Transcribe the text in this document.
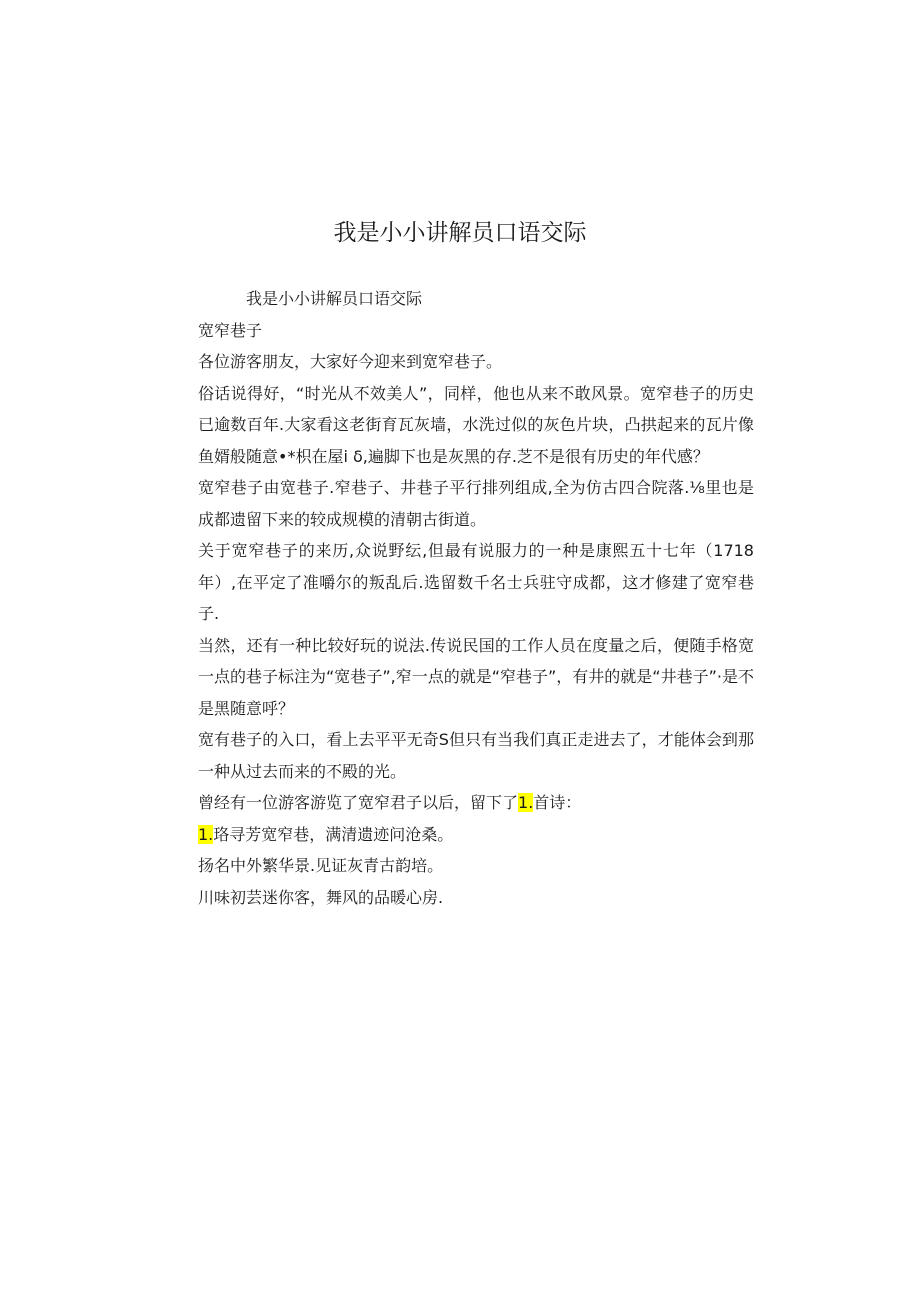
我是小小讲解员口语交际

我是小小讲解员口语交际

宽窄巷子

各位游客朋友，大家好今迎来到宽窄巷子。

俗话说得好，“时光从不效美人”，同样，他也从来不敢风景。宽窄巷子的历史已逾数百年.大家看这老街育瓦灰墙，水洗过似的灰色片块，凸拱起来的瓦片像鱼婿般随意•*枳在屋i δ,遍脚下也是灰黑的存.芝不是很有历史的年代感？

宽窄巷子由宽巷子.窄巷子、井巷子平行排列组成,全为仿古四合院落.⅛里也是成都遗留下来的较成规模的清朝古街道。

关于宽窄巷子的来历,众说野纭,但最有说服力的一种是康熙五十七年（1718年）,在平定了准嚼尔的叛乱后.选留数千名士兵驻守成都，这才修建了宽窄巷子.

当然，还有一种比较好玩的说法.传说民国的工作人员在度量之后，便随手格宽一点的巷子标注为“宽巷子”,窄一点的就是“窄巷子”，有井的就是“井巷子”·是不是黑随意呼？

宽有巷子的入口，看上去平平无奇S但只有当我们真正走进去了，才能体会到那一种从过去而来的不殿的光。

曾经有一位游客游览了宽窄君子以后，留下了1.首诗：

1.珞寻芳宽窄巷，满清遗迹问沧桑。

扬名中外繁华景.见证灰青古韵培。

川味初芸迷你客，舞风的品暖心房.
